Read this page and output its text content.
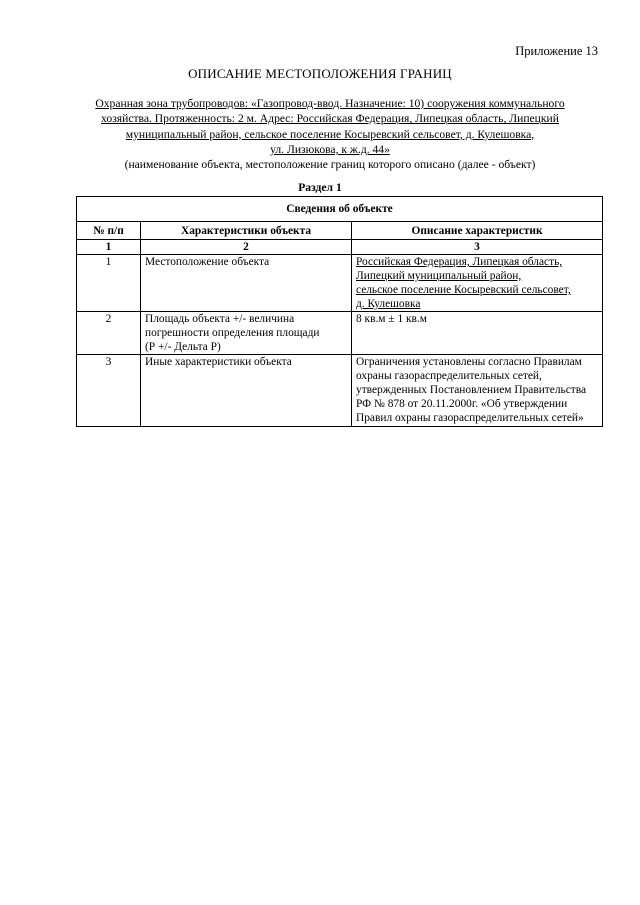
Приложение 13
ОПИСАНИЕ МЕСТОПОЛОЖЕНИЯ ГРАНИЦ
Охранная зона трубопроводов: «Газопровод-ввод. Назначение: 10) сооружения коммунального
хозяйства. Протяженность: 2 м. Адрес: Российская Федерация, Липецкая область, Липецкий
муниципальный район, сельское поселение Косыревский сельсовет, д. Кулешовка,
ул. Лизюкова, к ж.д. 44»
(наименование объекта, местоположение границ которого описано (далее - объект)
Раздел 1
Сведения об объекте		
№ п/п	Характеристики объекта	Описание характеристик
1	2	3
1	Местоположение объекта	Российская Федерация, Липецкая область,
Липецкий муниципальный район,
сельское поселение Косыревский сельсовет,
д. Кулешовка

2	Площадь объекта +/- величина
погрешности определения площади
(Р +/- Дельта Р)	8 кв.м ± 1 кв.м

3	Иные характеристики объекта	Ограничения установлены согласно Правилам
охраны газораспределительных сетей,
утвержденных Постановлением Правительства
РФ № 878 от 20.11.2000г. «Об утверждении
Правил охраны газораспределительных сетей»
